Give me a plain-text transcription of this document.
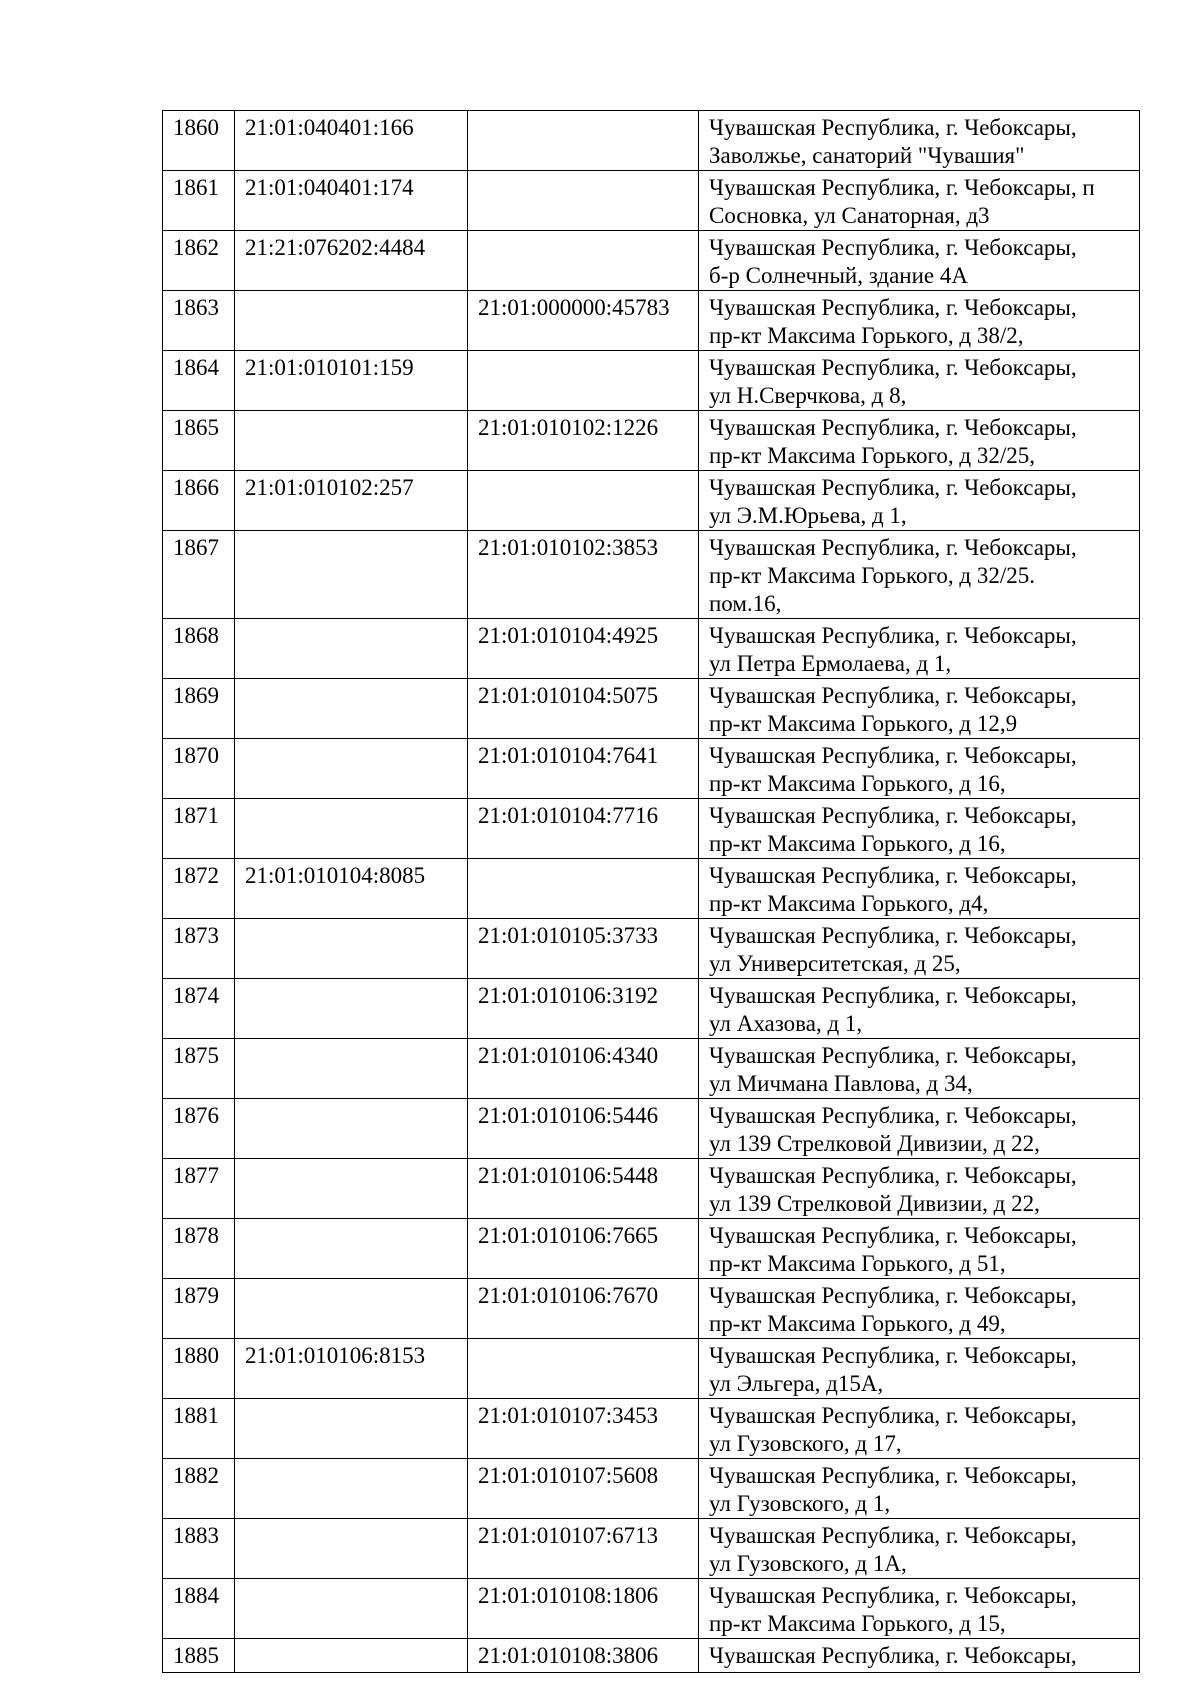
1860	21:01:040401:166		Чувашская Республика, г. Чебоксары,
Заволжье, санаторий "Чувашия"

1861	21:01:040401:174		Чувашская Республика, г. Чебоксары, п
Сосновка, ул Санаторная, д3

1862	21:21:076202:4484		Чувашская Республика, г. Чебоксары,
б-р Солнечный, здание 4А

1863		21:01:000000:45783	Чувашская Республика, г. Чебоксары,
пр-кт Максима Горького, д 38/2,

1864	21:01:010101:159		Чувашская Республика, г. Чебоксары,
ул Н.Сверчкова, д 8,

1865		21:01:010102:1226	Чувашская Республика, г. Чебоксары,
пр-кт Максима Горького, д 32/25,

1866	21:01:010102:257		Чувашская Республика, г. Чебоксары,
ул Э.М.Юрьева, д 1,

1867		21:01:010102:3853	Чувашская Республика, г. Чебоксары,
пр-кт Максима Горького, д 32/25.
пом.16,

1868		21:01:010104:4925	Чувашская Республика, г. Чебоксары,
ул Петра Ермолаева, д 1,

1869		21:01:010104:5075	Чувашская Республика, г. Чебоксары,
пр-кт Максима Горького, д 12,9

1870		21:01:010104:7641	Чувашская Республика, г. Чебоксары,
пр-кт Максима Горького, д 16,

1871		21:01:010104:7716	Чувашская Республика, г. Чебоксары,
пр-кт Максима Горького, д 16,

1872	21:01:010104:8085		Чувашская Республика, г. Чебоксары,
пр-кт Максима Горького, д4,

1873		21:01:010105:3733	Чувашская Республика, г. Чебоксары,
ул Университетская, д 25,

1874		21:01:010106:3192	Чувашская Республика, г. Чебоксары,
ул Ахазова, д 1,

1875		21:01:010106:4340	Чувашская Республика, г. Чебоксары,
ул Мичмана Павлова, д 34,

1876		21:01:010106:5446	Чувашская Республика, г. Чебоксары,
ул 139 Стрелковой Дивизии, д 22,

1877		21:01:010106:5448	Чувашская Республика, г. Чебоксары,
ул 139 Стрелковой Дивизии, д 22,

1878		21:01:010106:7665	Чувашская Республика, г. Чебоксары,
пр-кт Максима Горького, д 51,

1879		21:01:010106:7670	Чувашская Республика, г. Чебоксары,
пр-кт Максима Горького, д 49,

1880	21:01:010106:8153		Чувашская Республика, г. Чебоксары,
ул Эльгера, д15А,

1881		21:01:010107:3453	Чувашская Республика, г. Чебоксары,
ул Гузовского, д 17,

1882		21:01:010107:5608	Чувашская Республика, г. Чебоксары,
ул Гузовского, д 1,

1883		21:01:010107:6713	Чувашская Республика, г. Чебоксары,
ул Гузовского, д 1А,

1884		21:01:010108:1806	Чувашская Республика, г. Чебоксары,
пр-кт Максима Горького, д 15,

1885		21:01:010108:3806	Чувашская Республика, г. Чебоксары,
